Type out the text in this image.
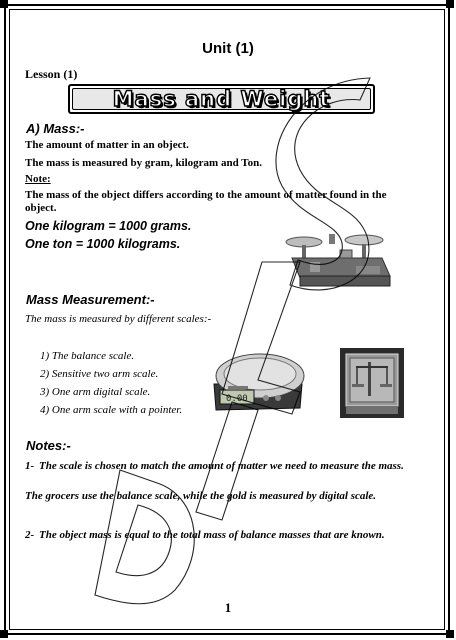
Unit (1)
Lesson (1)
Mass and Weight
A) Mass:-
The amount of matter in an object.
The mass is measured by gram, kilogram and Ton.
Note:
The mass of the object differs according to the amount of matter found in the object.
One kilogram = 1000 grams.
One ton = 1000 kilograms.
Mass Measurement:-
The mass is measured by different scales:-
1) The balance scale.
2) Sensitive two arm scale.
3) One arm digital scale.
4) One arm scale with a pointer.
0.00
Notes:-
1- The scale is chosen to match the amount of matter we need to measure the mass.
The grocers use the balance scale, while the gold is measured by digital scale.
2- The object mass is equal to the total mass of balance masses that are known.
1
